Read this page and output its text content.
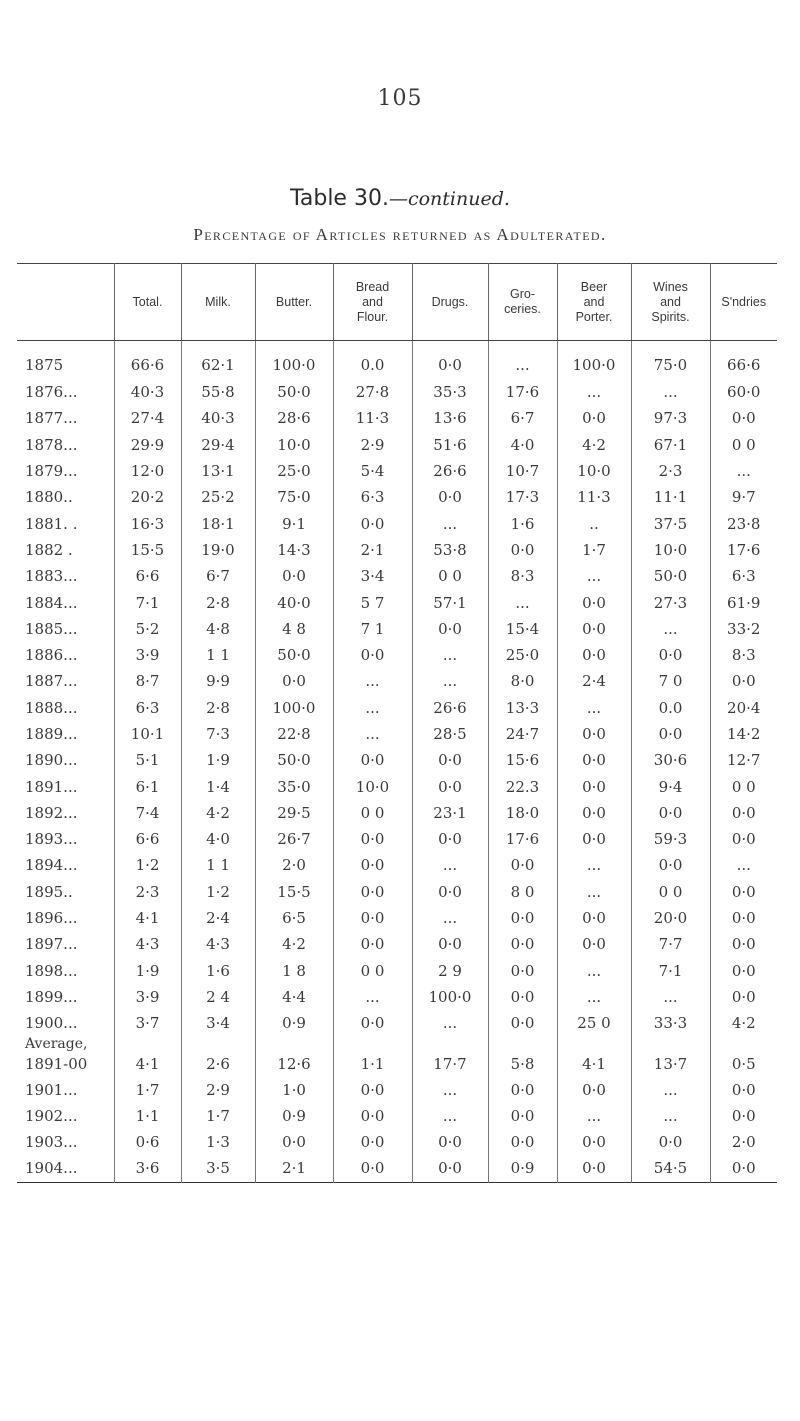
105
Table 30.—continued.
Percentage of Articles returned as Adulterated.
	Total.	Milk.	Butter.	Bread
and
Flour.	Drugs.	Gro-
ceries.	Beer
and
Porter.	Wines
and
Spirits.	S'ndries
1875	66·6	62·1	100·0	0.0	0·0	...	100·0	75·0	66·6
1876...	40·3	55·8	50·0	27·8	35·3	17·6	...	...	60·0
1877...	27·4	40·3	28·6	11·3	13·6	6·7	0·0	97·3	0·0
1878...	29·9	29·4	10·0	2·9	51·6	4·0	4·2	67·1	0 0
1879...	12·0	13·1	25·0	5·4	26·6	10·7	10·0	2·3	...
1880..	20·2	25·2	75·0	6·3	0·0	17·3	11·3	11·1	9·7
1881. .	16·3	18·1	9·1	0·0	...	1·6	..	37·5	23·8
1882 .	15·5	19·0	14·3	2·1	53·8	0·0	1·7	10·0	17·6
1883...	6·6	6·7	0·0	3·4	0 0	8·3	...	50·0	6·3
1884...	7·1	2·8	40·0	5 7	57·1	...	0·0	27·3	61·9
1885...	5·2	4·8	4 8	7 1	0·0	15·4	0·0	...	33·2
1886...	3·9	1 1	50·0	0·0	...	25·0	0·0	0·0	8·3
1887...	8·7	9·9	0·0	...	...	8·0	2·4	7 0	0·0
1888...	6·3	2·8	100·0	...	26·6	13·3	...	0.0	20·4
1889...	10·1	7·3	22·8	...	28·5	24·7	0·0	0·0	14·2
1890...	5·1	1·9	50·0	0·0	0·0	15·6	0·0	30·6	12·7
1891...	6·1	1·4	35·0	10·0	0·0	22.3	0·0	9·4	0 0
1892...	7·4	4·2	29·5	0 0	23·1	18·0	0·0	0·0	0·0
1893...	6·6	4·0	26·7	0·0	0·0	17·6	0·0	59·3	0·0
1894...	1·2	1 1	2·0	0·0	...	0·0	...	0·0	...
1895..	2·3	1·2	15·5	0·0	0·0	8 0	...	0 0	0·0
1896...	4·1	2·4	6·5	0·0	...	0·0	0·0	20·0	0·0
1897...	4·3	4·3	4·2	0·0	0·0	0·0	0·0	7·7	0·0
1898...	1·9	1·6	1 8	0 0	2 9	0·0	...	7·1	0·0
1899...	3·9	2 4	4·4	...	100·0	0·0	...	...	0·0
1900...	3·7	3·4	0·9	0·0	...	0·0	25 0	33·3	4·2
Average,									
1891-00	4·1	2·6	12·6	1·1	17·7	5·8	4·1	13·7	0·5
1901...	1·7	2·9	1·0	0·0	...	0·0	0·0	...	0·0
1902...	1·1	1·7	0·9	0·0	...	0·0	...	...	0·0
1903...	0·6	1·3	0·0	0·0	0·0	0·0	0·0	0·0	2·0
1904...	3·6	3·5	2·1	0·0	0·0	0·9	0·0	54·5	0·0
